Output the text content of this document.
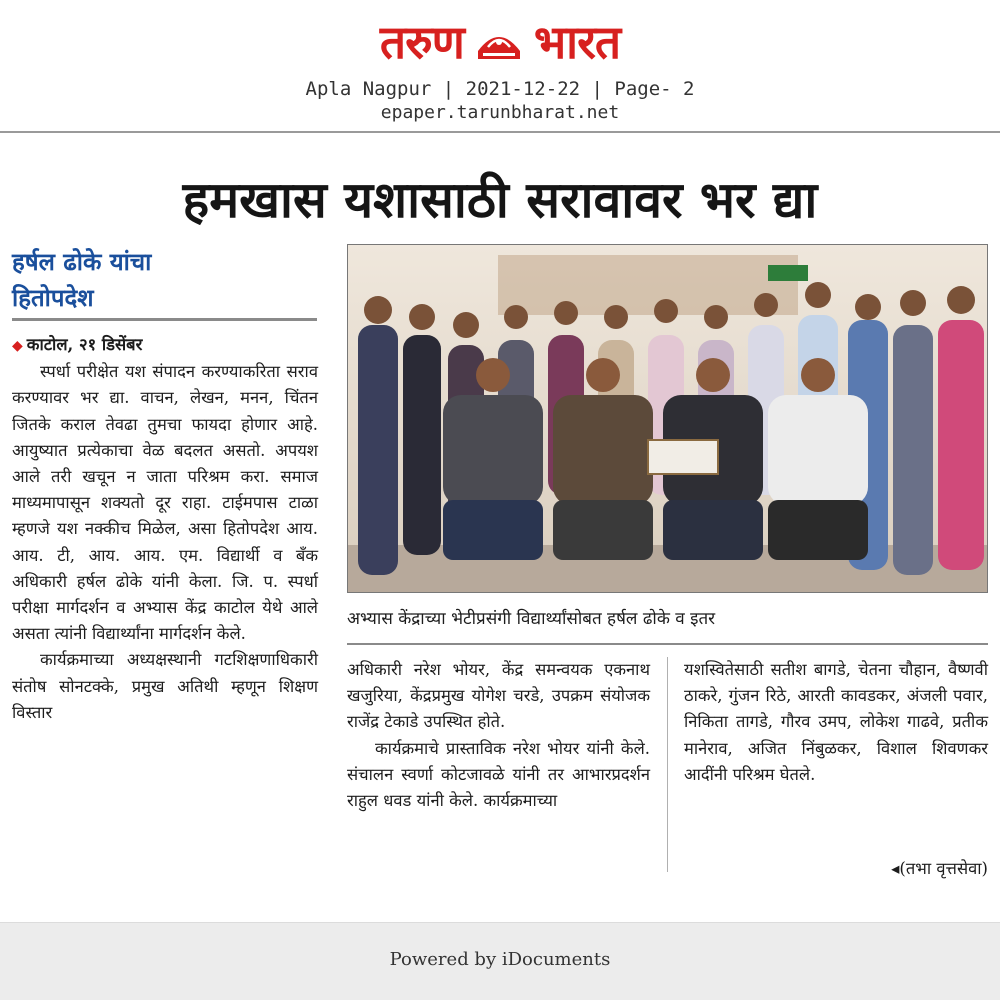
तरुण भारत
Apla Nagpur | 2021-12-22 | Page- 2
epaper.tarunbharat.net
हमखास यशासाठी सरावावर भर द्या
हर्षल ढोके यांचा
हितोपदेश

◆ काटोल, २१ डिसेंबर

स्पर्धा परीक्षेत यश संपादन करण्याकरिता सराव करण्यावर भर द्या. वाचन, लेखन, मनन, चिंतन जितके कराल तेवढा तुमचा फायदा होणार आहे. आयुष्यात प्रत्येकाचा वेळ बदलत असतो. अपयश आले तरी खचून न जाता परिश्रम करा. समाज माध्यमापासून शक्यतो दूर राहा. टाईमपास टाळा म्हणजे यश नक्कीच मिळेल, असा हितोपदेश आय. आय. टी, आय. आय. एम. विद्यार्थी व बँक अधिकारी हर्षल ढोके यांनी केला. जि. प. स्पर्धा परीक्षा मार्गदर्शन व अभ्यास केंद्र काटोल येथे आले असता त्यांनी विद्यार्थ्यांना मार्गदर्शन केले.

कार्यक्रमाच्या अध्यक्षस्थानी गटशिक्षणाधिकारी संतोष सोनटक्के, प्रमुख अतिथी म्हणून शिक्षण विस्तार

अभ्यास केंद्राच्या भेटीप्रसंगी विद्यार्थ्यांसोबत हर्षल ढोके व इतर

अधिकारी नरेश भोयर, केंद्र समन्वयक एकनाथ खजुरिया, केंद्रप्रमुख योगेश चरडे, उपक्रम संयोजक राजेंद्र टेकाडे उपस्थित होते.

कार्यक्रमाचे प्रास्ताविक नरेश भोयर यांनी केले. संचालन स्वर्णा कोटजावळे यांनी तर आभारप्रदर्शन राहुल धवड यांनी केले. कार्यक्रमाच्या

यशस्वितेसाठी सतीश बागडे, चेतना चौहान, वैष्णवी ठाकरे, गुंजन रिठे, आरती कावडकर, अंजली पवार, निकिता तागडे, गौरव उमप, लोकेश गाढवे, प्रतीक मानेराव, अजित निंबुळकर, विशाल शिवणकर आदींनी परिश्रम घेतले.

◂(तभा वृत्तसेवा)
Powered by iDocuments
